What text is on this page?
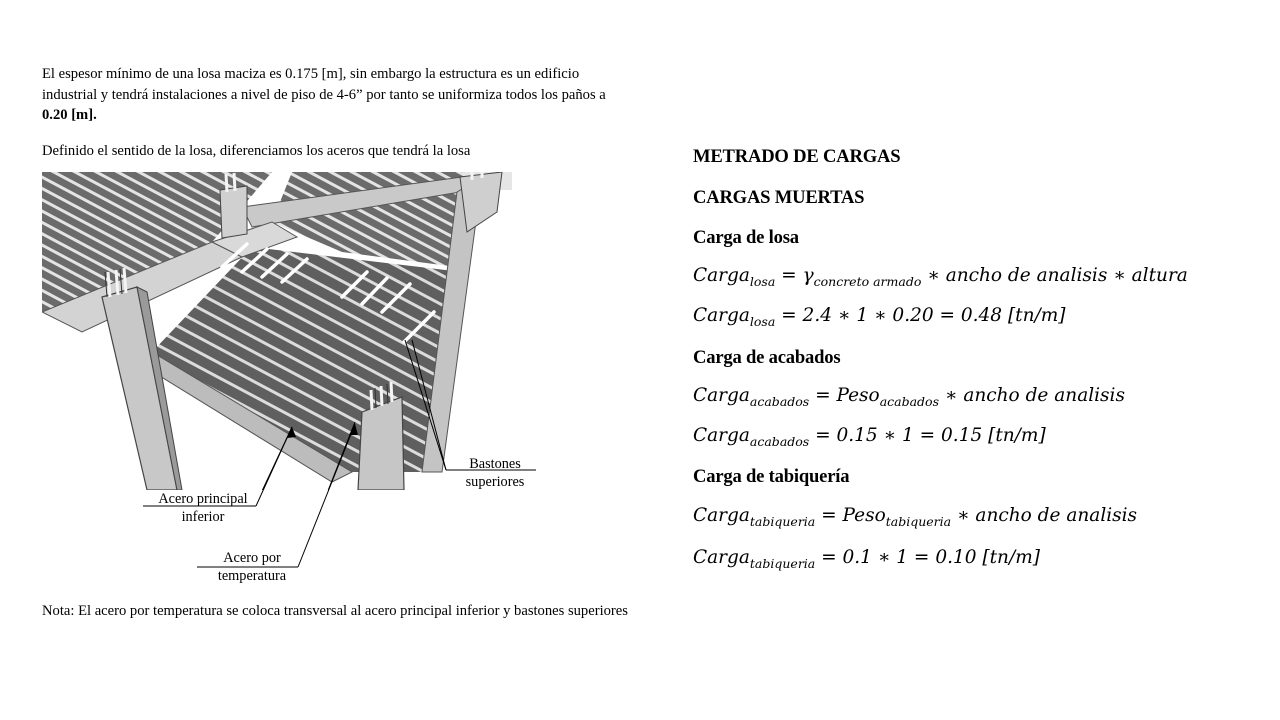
El espesor mínimo de una losa maciza es 0.175 [m], sin embargo la estructura es un edificio industrial y tendrá instalaciones a nivel de piso de 4-6” por tanto se uniformiza todos los paños a 0.20 [m].
Definido el sentido de la losa, diferenciamos los aceros que tendrá la losa
Bastones
superiores
Acero principal
inferior
Acero por
temperatura
Nota: El acero por temperatura se coloca transversal al acero principal inferior y bastones superiores
METRADO DE CARGAS
CARGAS MUERTAS
Carga de losa
Carga$_{losa}$ = $\gamma_{concreto armado}$ ∗ ancho de analisis ∗ altura
Carga$_{losa}$ = 2.4 ∗ 1 ∗ 0.20 = 0.48 [tn/m]
Carga de acabados
Carga$_{acabados}$ = Peso$_{acabados}$ ∗ ancho de analisis
Carga$_{acabados}$ = 0.15 ∗ 1 = 0.15 [tn/m]
Carga de tabiquería
Carga$_{tabiqueria}$ = Peso$_{tabiqueria}$ ∗ ancho de analisis
Carga$_{tabiqueria}$ = 0.1 ∗ 1 = 0.10 [tn/m]
